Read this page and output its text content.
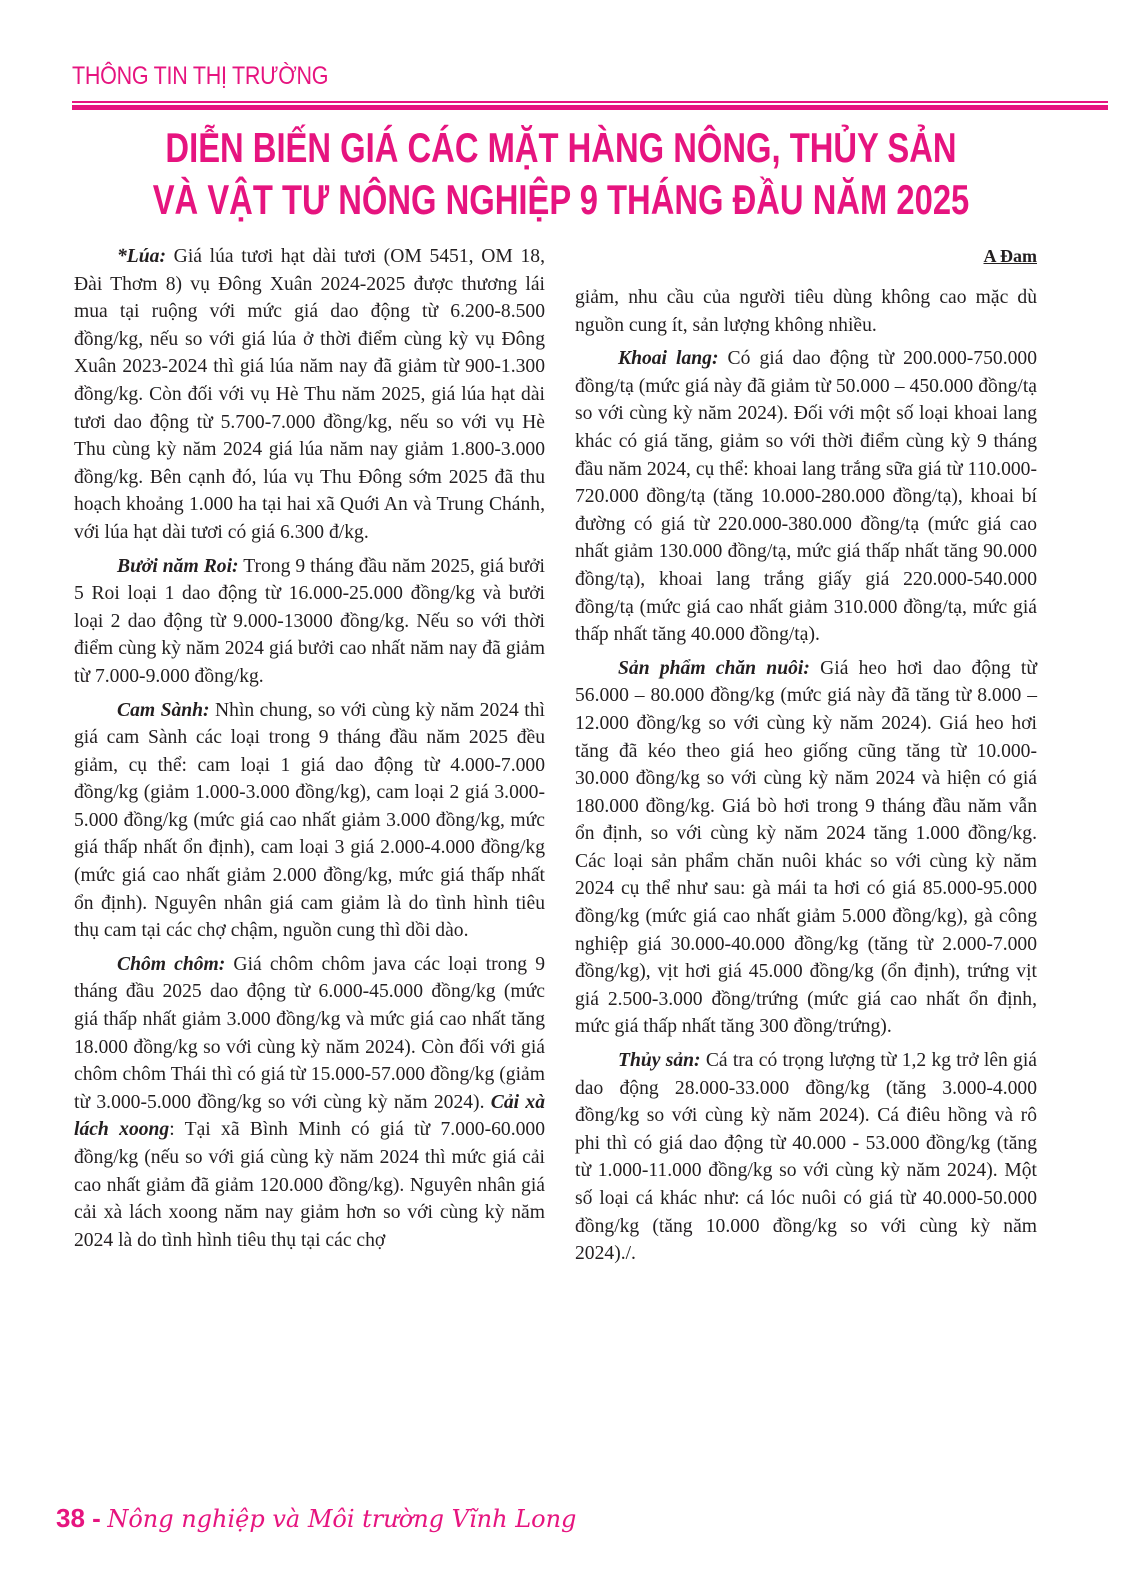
THÔNG TIN THỊ TRƯỜNG
DIỄN BIẾN GIÁ CÁC MẶT HÀNG NÔNG, THỦY SẢN
VÀ VẬT TƯ NÔNG NGHIỆP 9 THÁNG ĐẦU NĂM 2025

*Lúa: Giá lúa tươi hạt dài tươi (OM 5451, OM 18, Đài Thơm 8) vụ Đông Xuân 2024-2025 được thương lái mua tại ruộng với mức giá dao động từ 6.200-8.500 đồng/kg, nếu so với giá lúa ở thời điểm cùng kỳ vụ Đông Xuân 2023-2024 thì giá lúa năm nay đã giảm từ 900-1.300 đồng/kg. Còn đối với vụ Hè Thu năm 2025, giá lúa hạt dài tươi dao động từ 5.700-7.000 đồng/kg, nếu so với vụ Hè Thu cùng kỳ năm 2024 giá lúa năm nay giảm 1.800-3.000 đồng/kg. Bên cạnh đó, lúa vụ Thu Đông sớm 2025 đã thu hoạch khoảng 1.000 ha tại hai xã Quới An và Trung Chánh, với lúa hạt dài tươi có giá 6.300 đ/kg.

Bưởi năm Roi: Trong 9 tháng đầu năm 2025, giá bưởi 5 Roi loại 1 dao động từ 16.000-25.000 đồng/kg và bưởi loại 2 dao động từ 9.000-13000 đồng/kg. Nếu so với thời điểm cùng kỳ năm 2024 giá bưởi cao nhất năm nay đã giảm từ 7.000-9.000 đồng/kg.

Cam Sành: Nhìn chung, so với cùng kỳ năm 2024 thì giá cam Sành các loại trong 9 tháng đầu năm 2025 đều giảm, cụ thể: cam loại 1 giá dao động từ 4.000-7.000 đồng/kg (giảm 1.000-3.000 đồng/kg), cam loại 2 giá 3.000-5.000 đồng/kg (mức giá cao nhất giảm 3.000 đồng/kg, mức giá thấp nhất ổn định), cam loại 3 giá 2.000-4.000 đồng/kg (mức giá cao nhất giảm 2.000 đồng/kg, mức giá thấp nhất ổn định). Nguyên nhân giá cam giảm là do tình hình tiêu thụ cam tại các chợ chậm, nguồn cung thì dồi dào.

Chôm chôm: Giá chôm chôm java các loại trong 9 tháng đầu 2025 dao động từ 6.000-45.000 đồng/kg (mức giá thấp nhất giảm 3.000 đồng/kg và mức giá cao nhất tăng 18.000 đồng/kg so với cùng kỳ năm 2024). Còn đối với giá chôm chôm Thái thì có giá từ 15.000-57.000 đồng/kg (giảm từ 3.000-5.000 đồng/kg so với cùng kỳ năm 2024). Cải xà lách xoong: Tại xã Bình Minh có giá từ 7.000-60.000 đồng/kg (nếu so với giá cùng kỳ năm 2024 thì mức giá cải cao nhất giảm đã giảm 120.000 đồng/kg). Nguyên nhân giá cải xà lách xoong năm nay giảm hơn so với cùng kỳ năm 2024 là do tình hình tiêu thụ tại các chợ

A Đam

giảm, nhu cầu của người tiêu dùng không cao mặc dù nguồn cung ít, sản lượng không nhiều.

Khoai lang: Có giá dao động từ 200.000-750.000 đồng/tạ (mức giá này đã giảm từ 50.000 – 450.000 đồng/tạ so với cùng kỳ năm 2024). Đối với một số loại khoai lang khác có giá tăng, giảm so với thời điểm cùng kỳ 9 tháng đầu năm 2024, cụ thể: khoai lang trắng sữa giá từ 110.000-720.000 đồng/tạ (tăng 10.000-280.000 đồng/tạ), khoai bí đường có giá từ 220.000-380.000 đồng/tạ (mức giá cao nhất giảm 130.000 đồng/tạ, mức giá thấp nhất tăng 90.000 đồng/tạ), khoai lang trắng giấy giá 220.000-540.000 đồng/tạ (mức giá cao nhất giảm 310.000 đồng/tạ, mức giá thấp nhất tăng 40.000 đồng/tạ).

Sản phẩm chăn nuôi: Giá heo hơi dao động từ 56.000 – 80.000 đồng/kg (mức giá này đã tăng từ 8.000 – 12.000 đồng/kg so với cùng kỳ năm 2024). Giá heo hơi tăng đã kéo theo giá heo giống cũng tăng từ 10.000-30.000 đồng/kg so với cùng kỳ năm 2024 và hiện có giá 180.000 đồng/kg. Giá bò hơi trong 9 tháng đầu năm vẫn ổn định, so với cùng kỳ năm 2024 tăng 1.000 đồng/kg. Các loại sản phẩm chăn nuôi khác so với cùng kỳ năm 2024 cụ thể như sau: gà mái ta hơi có giá 85.000-95.000 đồng/kg (mức giá cao nhất giảm 5.000 đồng/kg), gà công nghiệp giá 30.000-40.000 đồng/kg (tăng từ 2.000-7.000 đồng/kg), vịt hơi giá 45.000 đồng/kg (ổn định), trứng vịt giá 2.500-3.000 đồng/trứng (mức giá cao nhất ổn định, mức giá thấp nhất tăng 300 đồng/trứng).

Thủy sản: Cá tra có trọng lượng từ 1,2 kg trở lên giá dao động 28.000-33.000 đồng/kg (tăng 3.000-4.000 đồng/kg so với cùng kỳ năm 2024). Cá điêu hồng và rô phi thì có giá dao động từ 40.000 - 53.000 đồng/kg (tăng từ 1.000-11.000 đồng/kg so với cùng kỳ năm 2024). Một số loại cá khác như: cá lóc nuôi có giá từ 40.000-50.000 đồng/kg (tăng 10.000 đồng/kg so với cùng kỳ năm 2024)./.

38 - Nông nghiệp và Môi trường Vĩnh Long
